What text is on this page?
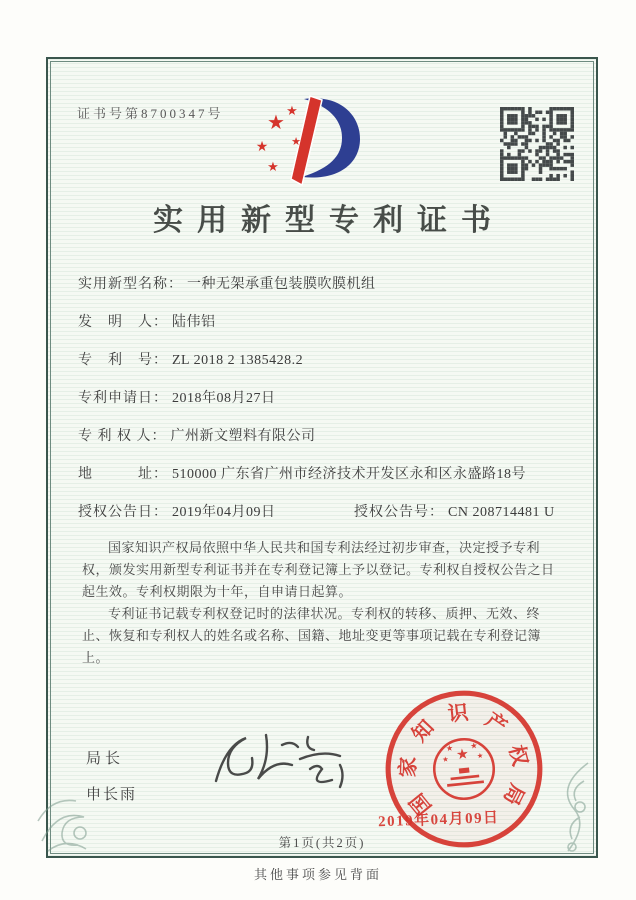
证书号第8700347号 ★
★
★
★
★
实用新型专利证书
实用新型名称： 一种无架承重包装膜吹膜机组
发　明　人： 陆伟铝
专　利　号： ZL 2018 2 1385428.2
专利申请日： 2018年08月27日
专 利 权 人： 广州新文塑料有限公司
地　　　址： 510000 广东省广州市经济技术开发区永和区永盛路18号
授权公告日： 2019年04月09日	授权公告号： CN 208714481 U

国家知识产权局依照中华人民共和国专利法经过初步审查，决定授予专利权，颁发实用新型专利证书并在专利登记簿上予以登记。专利权自授权公告之日起生效。专利权期限为十年，自申请日起算。

专利证书记载专利权登记时的法律状况。专利权的转移、质押、无效、终止、恢复和专利权人的姓名或名称、国籍、地址变更等事项记载在专利登记簿上。

局长
申长雨	国
家
知
识 产
权
局
★
★ ★
★	★
2019年04月09日
第1页(共2页)
其他事项参见背面
